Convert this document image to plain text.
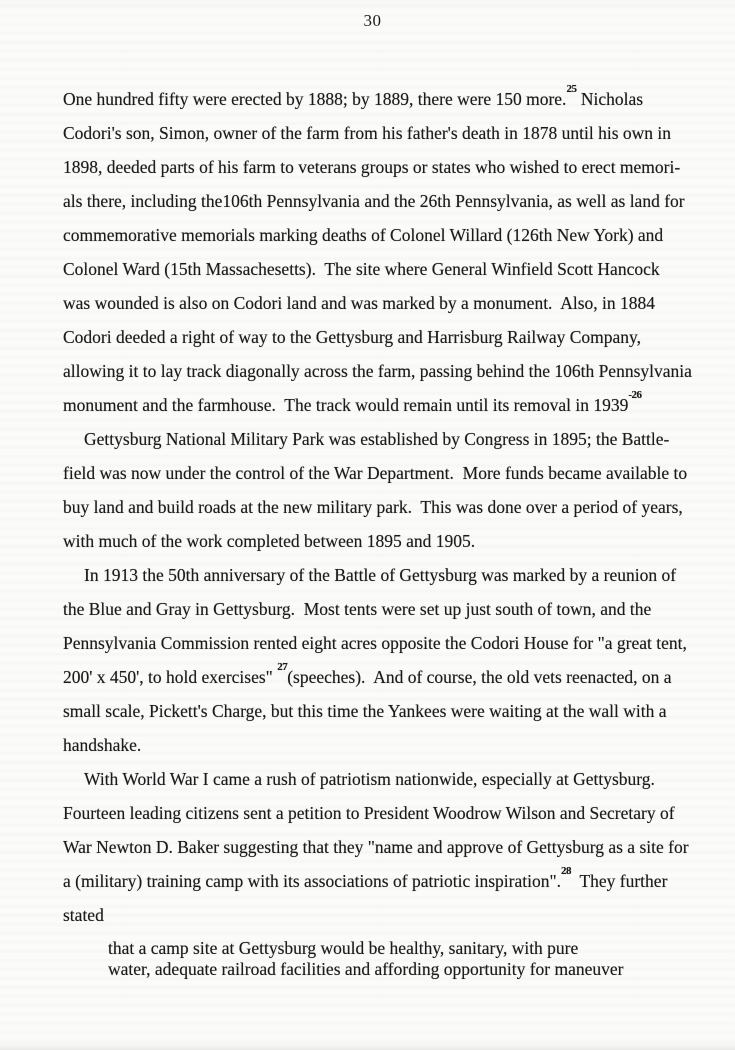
30
One hundred fifty were erected by 1888; by 1889, there were 150 more.$^{25}$ Nicholas
Codori's son, Simon, owner of the farm from his father's death in 1878 until his own in
1898, deeded parts of his farm to veterans groups or states who wished to erect memori-
als there, including the106th Pennsylvania and the 26th Pennsylvania, as well as land for
commemorative memorials marking deaths of Colonel Willard (126th New York) and
Colonel Ward (15th Massachesetts).  The site where General Winfield Scott Hancock
was wounded is also on Codori land and was marked by a monument.  Also, in 1884
Codori deeded a right of way to the Gettysburg and Harrisburg Railway Company,
allowing it to lay track diagonally across the farm, passing behind the 106th Pennsylvania
monument and the farmhouse.  The track would remain until its removal in 1939$^{-26}$
Gettysburg National Military Park was established by Congress in 1895; the Battle-
field was now under the control of the War Department.  More funds became available to
buy land and build roads at the new military park.  This was done over a period of years,
with much of the work completed between 1895 and 1905.
In 1913 the 50th anniversary of the Battle of Gettysburg was marked by a reunion of
the Blue and Gray in Gettysburg.  Most tents were set up just south of town, and the
Pennsylvania Commission rented eight acres opposite the Codori House for "a great tent,
200' x 450', to hold exercises" $^{27}$(speeches).  And of course, the old vets reenacted, on a
small scale, Pickett's Charge, but this time the Yankees were waiting at the wall with a
handshake.
With World War I came a rush of patriotism nationwide, especially at Gettysburg.
Fourteen leading citizens sent a petition to President Woodrow Wilson and Secretary of
War Newton D. Baker suggesting that they "name and approve of Gettysburg as a site for
a (military) training camp with its associations of patriotic inspiration".$^{28}$  They further
stated
that a camp site at Gettysburg would be healthy, sanitary, with pure
water, adequate railroad facilities and affording opportunity for maneuver
